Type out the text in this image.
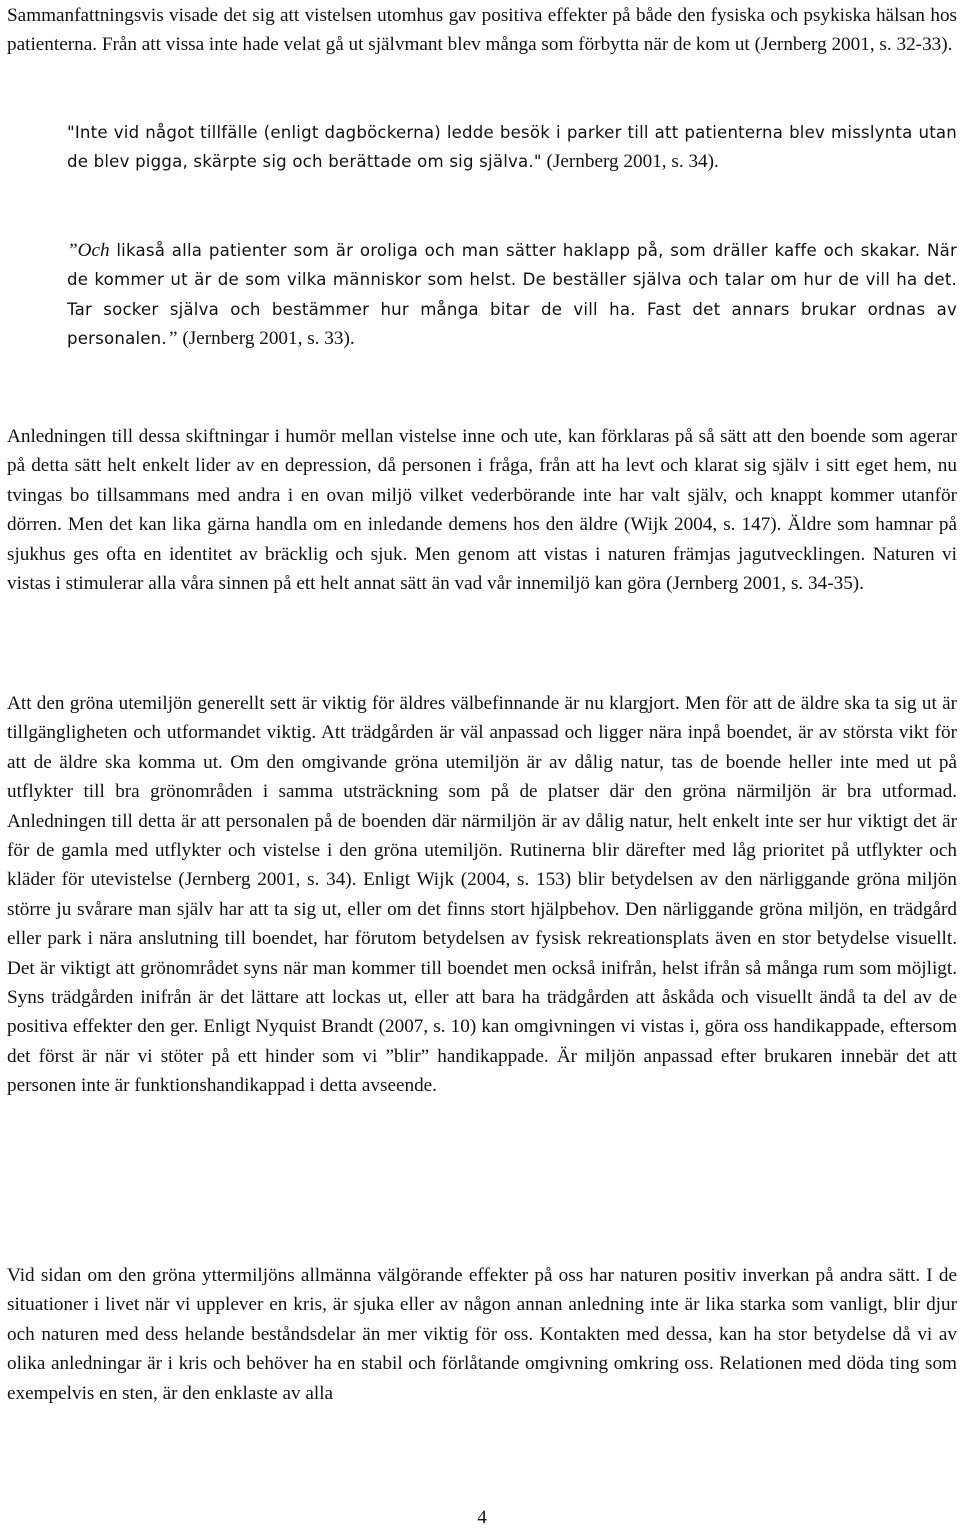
Sammanfattningsvis visade det sig att vistelsen utomhus gav positiva effekter på både den fysiska och psykiska hälsan hos patienterna. Från att vissa inte hade velat gå ut självmant blev många som förbytta när de kom ut (Jernberg 2001, s. 32-33).

"Inte vid något tillfälle (enligt dagböckerna) ledde besök i parker till att patienterna blev misslynta utan de blev pigga, skärpte sig och berättade om sig själva." (Jernberg 2001, s. 34).

”Och likaså alla patienter som är oroliga och man sätter haklapp på, som dräller kaffe och skakar. När de kommer ut är de som vilka människor som helst. De beställer själva och talar om hur de vill ha det. Tar socker själva och bestämmer hur många bitar de vill ha. Fast det annars brukar ordnas av personalen.” (Jernberg 2001, s. 33).

Anledningen till dessa skiftningar i humör mellan vistelse inne och ute, kan förklaras på så sätt att den boende som agerar på detta sätt helt enkelt lider av en depression, då personen i fråga, från att ha levt och klarat sig själv i sitt eget hem, nu tvingas bo tillsammans med andra i en ovan miljö vilket vederbörande inte har valt själv, och knappt kommer utanför dörren. Men det kan lika gärna handla om en inledande demens hos den äldre (Wijk 2004, s. 147). Äldre som hamnar på sjukhus ges ofta en identitet av bräcklig och sjuk. Men genom att vistas i naturen främjas jagutvecklingen. Naturen vi vistas i stimulerar alla våra sinnen på ett helt annat sätt än vad vår innemiljö kan göra (Jernberg 2001, s. 34-35).

Att den gröna utemiljön generellt sett är viktig för äldres välbefinnande är nu klargjort. Men för att de äldre ska ta sig ut är tillgängligheten och utformandet viktig. Att trädgården är väl anpassad och ligger nära inpå boendet, är av största vikt för att de äldre ska komma ut. Om den omgivande gröna utemiljön är av dålig natur, tas de boende heller inte med ut på utflykter till bra grönområden i samma utsträckning som på de platser där den gröna närmiljön är bra utformad. Anledningen till detta är att personalen på de boenden där närmiljön är av dålig natur, helt enkelt inte ser hur viktigt det är för de gamla med utflykter och vistelse i den gröna utemiljön. Rutinerna blir därefter med låg prioritet på utflykter och kläder för utevistelse (Jernberg 2001, s. 34). Enligt Wijk (2004, s. 153) blir betydelsen av den närliggande gröna miljön större ju svårare man själv har att ta sig ut, eller om det finns stort hjälpbehov. Den närliggande gröna miljön, en trädgård eller park i nära anslutning till boendet, har förutom betydelsen av fysisk rekreationsplats även en stor betydelse visuellt. Det är viktigt att grönområdet syns när man kommer till boendet men också inifrån, helst ifrån så många rum som möjligt. Syns trädgården inifrån är det lättare att lockas ut, eller att bara ha trädgården att åskåda och visuellt ändå ta del av de positiva effekter den ger. Enligt Nyquist Brandt (2007, s. 10) kan omgivningen vi vistas i, göra oss handikappade, eftersom det först är när vi stöter på ett hinder som vi ”blir” handikappade. Är miljön anpassad efter brukaren innebär det att personen inte är funktionshandikappad i detta avseende.

Vid sidan om den gröna yttermiljöns allmänna välgörande effekter på oss har naturen positiv inverkan på andra sätt. I de situationer i livet när vi upplever en kris, är sjuka eller av någon annan anledning inte är lika starka som vanligt, blir djur och naturen med dess helande beståndsdelar än mer viktig för oss. Kontakten med dessa, kan ha stor betydelse då vi av olika anledningar är i kris och behöver ha en stabil och förlåtande omgivning omkring oss. Relationen med döda ting som exempelvis en sten, är den enklaste av alla

4
